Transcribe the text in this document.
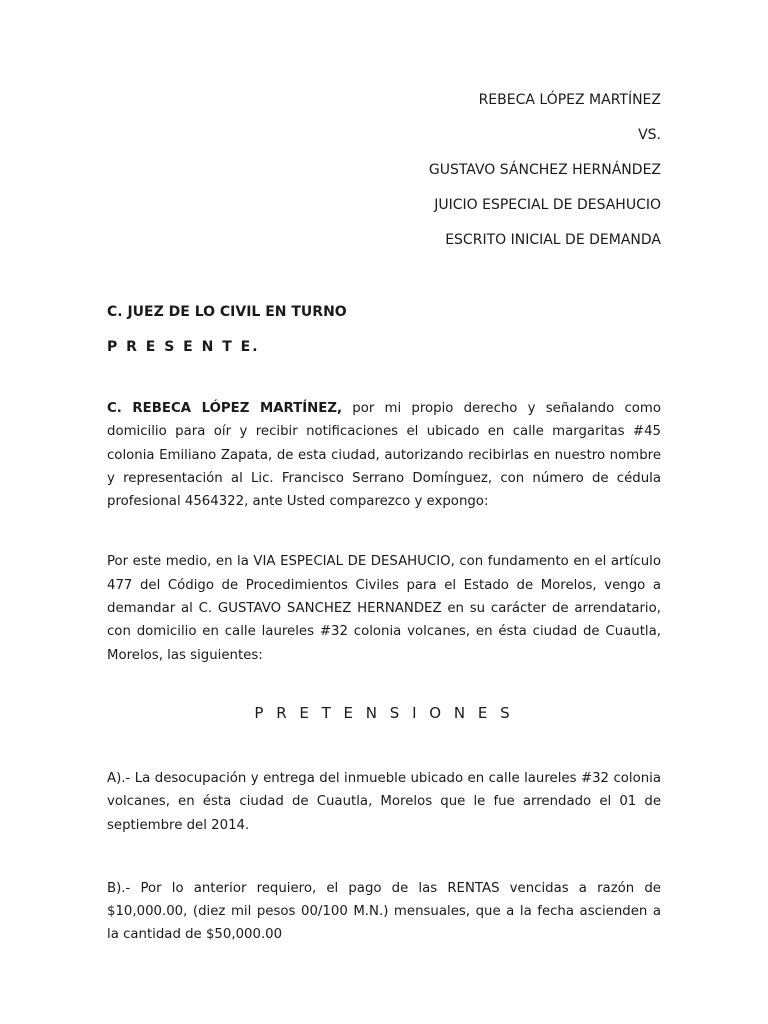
REBECA LÓPEZ MARTÍNEZ

VS.

GUSTAVO SÁNCHEZ HERNÁNDEZ

JUICIO ESPECIAL DE DESAHUCIO

ESCRITO INICIAL DE DEMANDA

C. JUEZ DE LO CIVIL EN TURNO
P R E S E N T E.

C. REBECA LÓPEZ MARTÍNEZ, por mi propio derecho y señalando como domicilio para oír y recibir notificaciones el ubicado en calle margaritas #45 colonia Emiliano Zapata, de esta ciudad, autorizando recibirlas en nuestro nombre y representación al Lic. Francisco Serrano Domínguez, con número de cédula profesional 4564322, ante Usted comparezco y expongo:

Por este medio, en la VIA ESPECIAL DE DESAHUCIO, con fundamento en el artículo 477 del Código de Procedimientos Civiles para el Estado de Morelos, vengo a demandar al C. GUSTAVO SANCHEZ HERNANDEZ en su carácter de arrendatario, con domicilio en calle laureles #32 colonia volcanes, en ésta ciudad de Cuautla, Morelos, las siguientes:

P R E T E N S I O N E S

A).- La desocupación y entrega del inmueble ubicado en calle laureles #32 colonia volcanes, en ésta ciudad de Cuautla, Morelos que le fue arrendado el 01 de septiembre del 2014.

B).- Por lo anterior requiero, el pago de las RENTAS vencidas a razón de $10,000.00, (diez mil pesos 00/100 M.N.) mensuales, que a la fecha ascienden a la cantidad de $50,000.00
